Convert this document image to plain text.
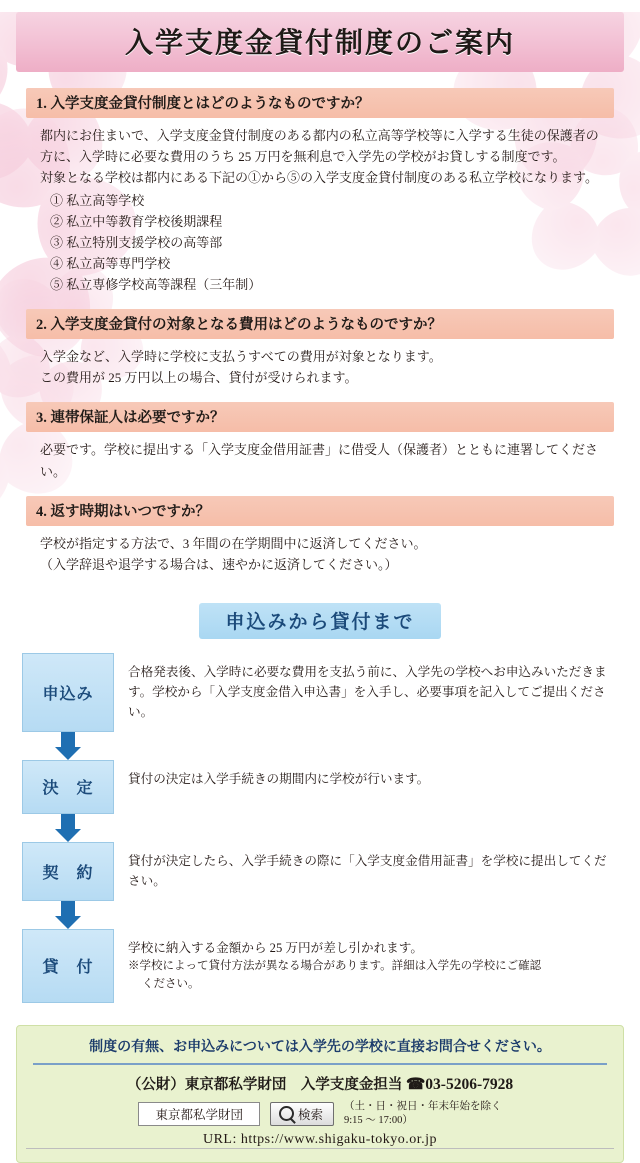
入学支度金貸付制度のご案内
1. 入学支度金貸付制度とはどのようなものですか？

都内にお住まいで、入学支度金貸付制度のある都内の私立高等学校等に入学する生徒の保護者の方に、入学時に必要な費用のうち 25 万円を無利息で入学先の学校がお貸しする制度です。

対象となる学校は都内にある下記の①から⑤の入学支度金貸付制度のある私立学校になります。

① 私立高等学校

② 私立中等教育学校後期課程

③ 私立特別支援学校の高等部

④ 私立高等専門学校

⑤ 私立専修学校高等課程（三年制）

2. 入学支度金貸付の対象となる費用はどのようなものですか？

入学金など、入学時に学校に支払うすべての費用が対象となります。

この費用が 25 万円以上の場合、貸付が受けられます。

3. 連帯保証人は必要ですか？

必要です。学校に提出する「入学支度金借用証書」に借受人（保護者）とともに連署してください。

4. 返す時期はいつですか？

学校が指定する方法で、3 年間の在学期間中に返済してください。

（入学辞退や退学する場合は、速やかに返済してください。）

申込みから貸付まで
申込み
合格発表後、入学時に必要な費用を支払う前に、入学先の学校へお申込みいただきます。学校から「入学支度金借入申込書」を入手し、必要事項を記入してご提出ください。
決　定
貸付の決定は入学手続きの期間内に学校が行います。
契　約
貸付が決定したら、入学手続きの際に「入学支度金借用証書」を学校に提出してください。
貸　付
学校に納入する金額から 25 万円が差し引かれます。
※学校によって貸付方法が異なる場合があります。詳細は入学先の学校にご確認
ください。
制度の有無、お申込みについては入学先の学校に直接お問合せください。
（公財）東京都私学財団　入学支度金担当 ☎03-5206-7928
東京都私学財団	検索
（土・日・祝日・年末年始を除く
9:15 ～ 17:00）
URL: https://www.shigaku-tokyo.or.jp
